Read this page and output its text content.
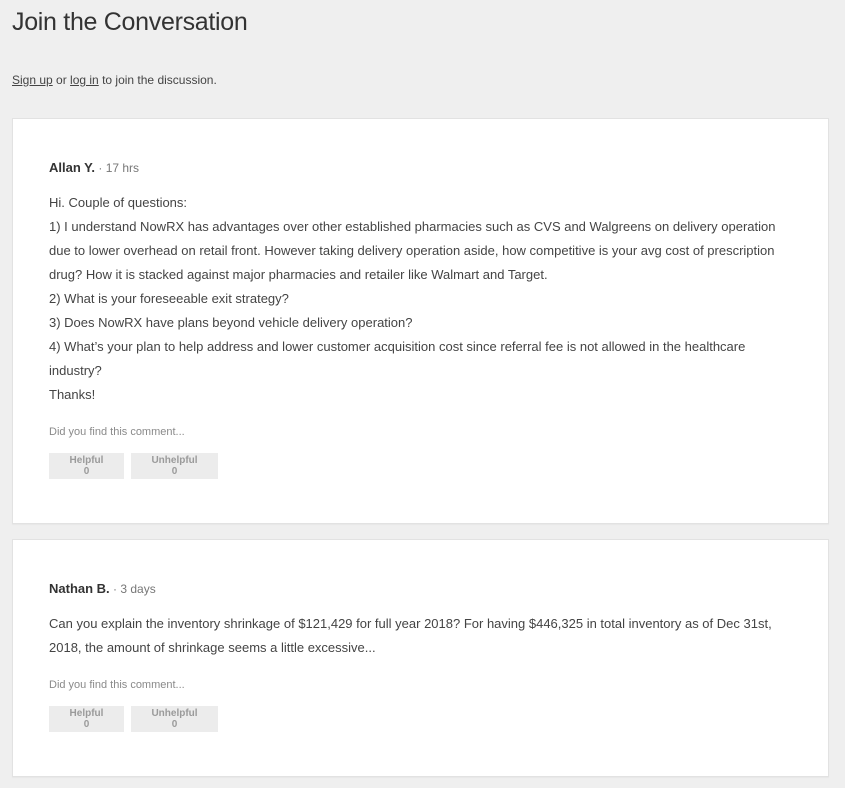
Join the Conversation
Sign up or log in to join the discussion.
Allan Y. · 17 hrs

Hi. Couple of questions:

1) I understand NowRX has advantages over other established pharmacies such as CVS and Walgreens on delivery operation due to lower overhead on retail front. However taking delivery operation aside, how competitive is your avg cost of prescription drug? How it is stacked against major pharmacies and retailer like Walmart and Target.

2) What is your foreseeable exit strategy?

3) Does NowRX have plans beyond vehicle delivery operation?

4) What’s your plan to help address and lower customer acquisition cost since referral fee is not allowed in the healthcare industry?

Thanks!

Did you find this comment...
Helpful 0
Unhelpful 0
Nathan B. · 3 days

Can you explain the inventory shrinkage of $121,429 for full year 2018? For having $446,325 in total inventory as of Dec 31st, 2018, the amount of shrinkage seems a little excessive...

Did you find this comment...
Helpful 0
Unhelpful 0
